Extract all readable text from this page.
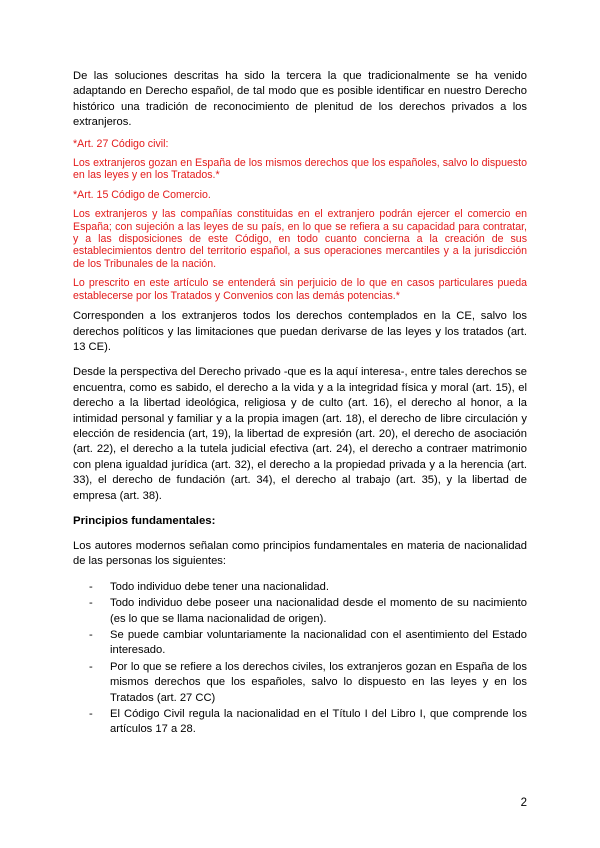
De las soluciones descritas ha sido la tercera la que tradicionalmente se ha venido adaptando en Derecho español, de tal modo que es posible identificar en nuestro Derecho histórico una tradición de reconocimiento de plenitud de los derechos privados a los extranjeros.

*Art. 27 Código civil:

Los extranjeros gozan en España de los mismos derechos que los españoles, salvo lo dispuesto en las leyes y en los Tratados.*

*Art. 15 Código de Comercio.

Los extranjeros y las compañías constituidas en el extranjero podrán ejercer el comercio en España; con sujeción a las leyes de su país, en lo que se refiera a su capacidad para contratar, y a las disposiciones de este Código, en todo cuanto concierna a la creación de sus establecimientos dentro del territorio español, a sus operaciones mercantiles y a la jurisdicción de los Tribunales de la nación.

Lo prescrito en este artículo se entenderá sin perjuicio de lo que en casos particulares pueda establecerse por los Tratados y Convenios con las demás potencias.*

Corresponden a los extranjeros todos los derechos contemplados en la CE, salvo los derechos políticos y las limitaciones que puedan derivarse de las leyes y los tratados (art. 13 CE).

Desde la perspectiva del Derecho privado -que es la aquí interesa-, entre tales derechos se encuentra, como es sabido, el derecho a la vida y a la integridad física y moral (art. 15), el derecho a la libertad ideológica, religiosa y de culto (art. 16), el derecho al honor, a la intimidad personal y familiar y a la propia imagen (art. 18), el derecho de libre circulación y elección de residencia (art, 19), la libertad de expresión (art. 20), el derecho de asociación (art. 22), el derecho a la tutela judicial efectiva (art. 24), el derecho a contraer matrimonio con plena igualdad jurídica (art. 32), el derecho a la propiedad privada y a la herencia (art. 33), el derecho de fundación (art. 34), el derecho al trabajo (art. 35), y la libertad de empresa (art. 38).

Principios fundamentales:

Los autores modernos señalan como principios fundamentales en materia de nacionalidad de las personas los siguientes:

- Todo individuo debe tener una nacionalidad.
- Todo individuo debe poseer una nacionalidad desde el momento de su nacimiento (es lo que se llama nacionalidad de origen).
- Se puede cambiar voluntariamente la nacionalidad con el asentimiento del Estado interesado.
- Por lo que se refiere a los derechos civiles, los extranjeros gozan en España de los mismos derechos que los españoles, salvo lo dispuesto en las leyes y en los Tratados (art. 27 CC)
- El Código Civil regula la nacionalidad en el Título I del Libro I, que comprende los artículos 17 a 28.
2
